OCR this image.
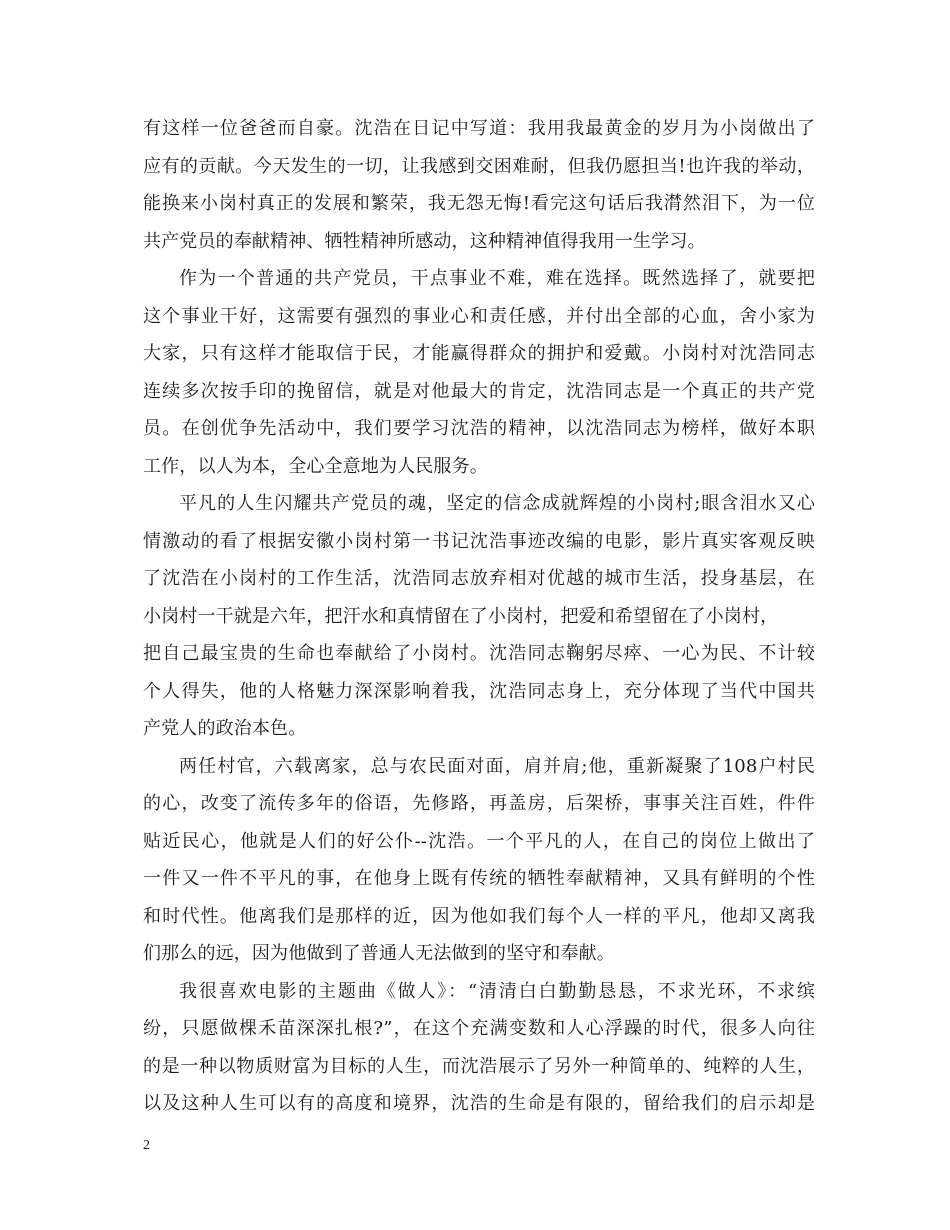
有这样一位爸爸而自豪。沈浩在日记中写道：我用我最黄金的岁月为小岗做出了
应有的贡献。今天发生的一切，让我感到交困难耐，但我仍愿担当!也许我的举动，
能换来小岗村真正的发展和繁荣，我无怨无悔!看完这句话后我潸然泪下，为一位
共产党员的奉献精神、牺牲精神所感动，这种精神值得我用一生学习。
作为一个普通的共产党员，干点事业不难，难在选择。既然选择了，就要把
这个事业干好，这需要有强烈的事业心和责任感，并付出全部的心血，舍小家为
大家，只有这样才能取信于民，才能赢得群众的拥护和爱戴。小岗村对沈浩同志
连续多次按手印的挽留信，就是对他最大的肯定，沈浩同志是一个真正的共产党
员。在创优争先活动中，我们要学习沈浩的精神，以沈浩同志为榜样，做好本职
工作，以人为本，全心全意地为人民服务。
平凡的人生闪耀共产党员的魂，坚定的信念成就辉煌的小岗村;眼含泪水又心
情激动的看了根据安徽小岗村第一书记沈浩事迹改编的电影，影片真实客观反映
了沈浩在小岗村的工作生活，沈浩同志放弃相对优越的城市生活，投身基层，在
小岗村一干就是六年，把汗水和真情留在了小岗村，把爱和希望留在了小岗村，
把自己最宝贵的生命也奉献给了小岗村。沈浩同志鞠躬尽瘁、一心为民、不计较
个人得失，他的人格魅力深深影响着我，沈浩同志身上，充分体现了当代中国共
产党人的政治本色。
两任村官，六载离家，总与农民面对面，肩并肩;他，重新凝聚了108户村民
的心，改变了流传多年的俗语，先修路，再盖房，后架桥，事事关注百姓，件件
贴近民心，他就是人们的好公仆--沈浩。一个平凡的人，在自己的岗位上做出了
一件又一件不平凡的事，在他身上既有传统的牺牲奉献精神，又具有鲜明的个性
和时代性。他离我们是那样的近，因为他如我们每个人一样的平凡，他却又离我
们那么的远，因为他做到了普通人无法做到的坚守和奉献。
我很喜欢电影的主题曲《做人》：“清清白白勤勤恳恳，不求光环，不求缤
纷，只愿做棵禾苗深深扎根?”，在这个充满变数和人心浮躁的时代，很多人向往
的是一种以物质财富为目标的人生，而沈浩展示了另外一种简单的、纯粹的人生，
以及这种人生可以有的高度和境界，沈浩的生命是有限的，留给我们的启示却是
2
